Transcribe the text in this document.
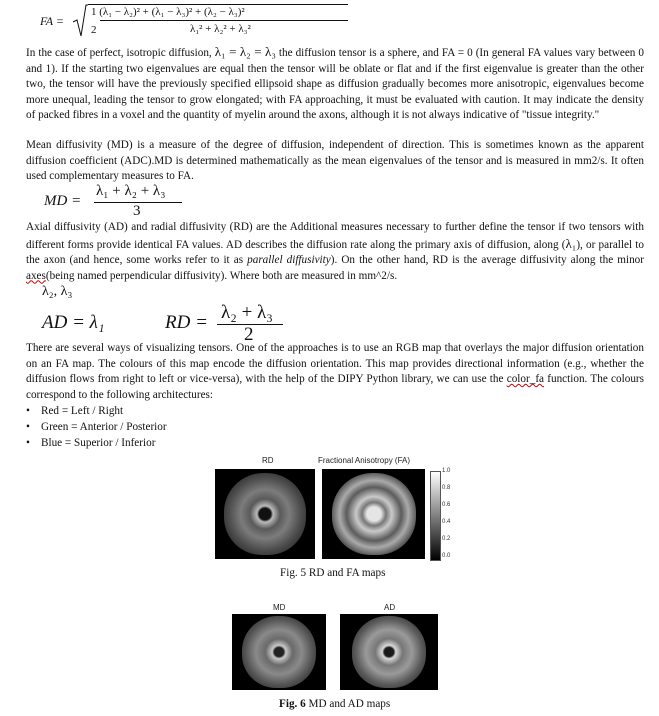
FA =
1 (λ₁ − λ₂)² + (λ₁ − λ₃)² + (λ₂ − λ₃)²
2	λ₁² + λ₂² + λ₃²

In the case of perfect, isotropic diffusion, λ₁ = λ₂ = λ₃ the diffusion tensor is a sphere, and FA = 0 (In general FA values vary between 0 and 1). If the starting two eigenvalues are equal then the tensor will be oblate or flat and if the first eigenvalue is greater than the other two, the tensor will have the previously specified ellipsoid shape as diffusion gradually becomes more anisotropic, eigenvalues become more unequal, leading the tensor to grow elongated; with FA approaching, it must be evaluated with caution. It may indicate the density of packed fibres in a voxel and the quantity of myelin around the axons, although it is not always indicative of "tissue integrity."

Mean diffusivity (MD) is a measure of the degree of diffusion, independent of direction. This is sometimes known as the apparent diffusion coefficient (ADC).MD is determined mathematically as the mean eigenvalues of the tensor and is measured in mm2/s. It often used complementary measures to FA.

MD =
λ₁ + λ₂ + λ₃
3

Axial diffusivity (AD) and radial diffusivity (RD) are the Additional measures necessary to further define the tensor if two tensors with different forms provide identical FA values. AD describes the diffusion rate along the primary axis of diffusion, along (λ₁), or parallel to the axon (and hence, some works refer to it as parallel diffusivity). On the other hand, RD is the average diffusivity along the minor axes(being named perpendicular diffusivity). Where both are measured in mm^2/s.

λ₂, λ₃
AD = λ₁	RD = λ₂ + λ₃
2

There are several ways of visualizing tensors. One of the approaches is to use an RGB map that overlays the major diffusion orientation on an FA map. The colours of this map encode the diffusion orientation. This map provides directional information (e.g., whether the diffusion flows from right to left or vice-versa), with the help of the DIPY Python library, we can use the color_fa function. The colours correspond to the following architectures:

• Red = Left / Right
• Green = Anterior / Posterior
• Blue = Superior / Inferior
RD	Fractional Anisotropy (FA)
1.0
0.8
0.6
0.4
0.2
0.0
Fig. 5 RD and FA maps
MD	AD
Fig. 6 MD and AD maps
